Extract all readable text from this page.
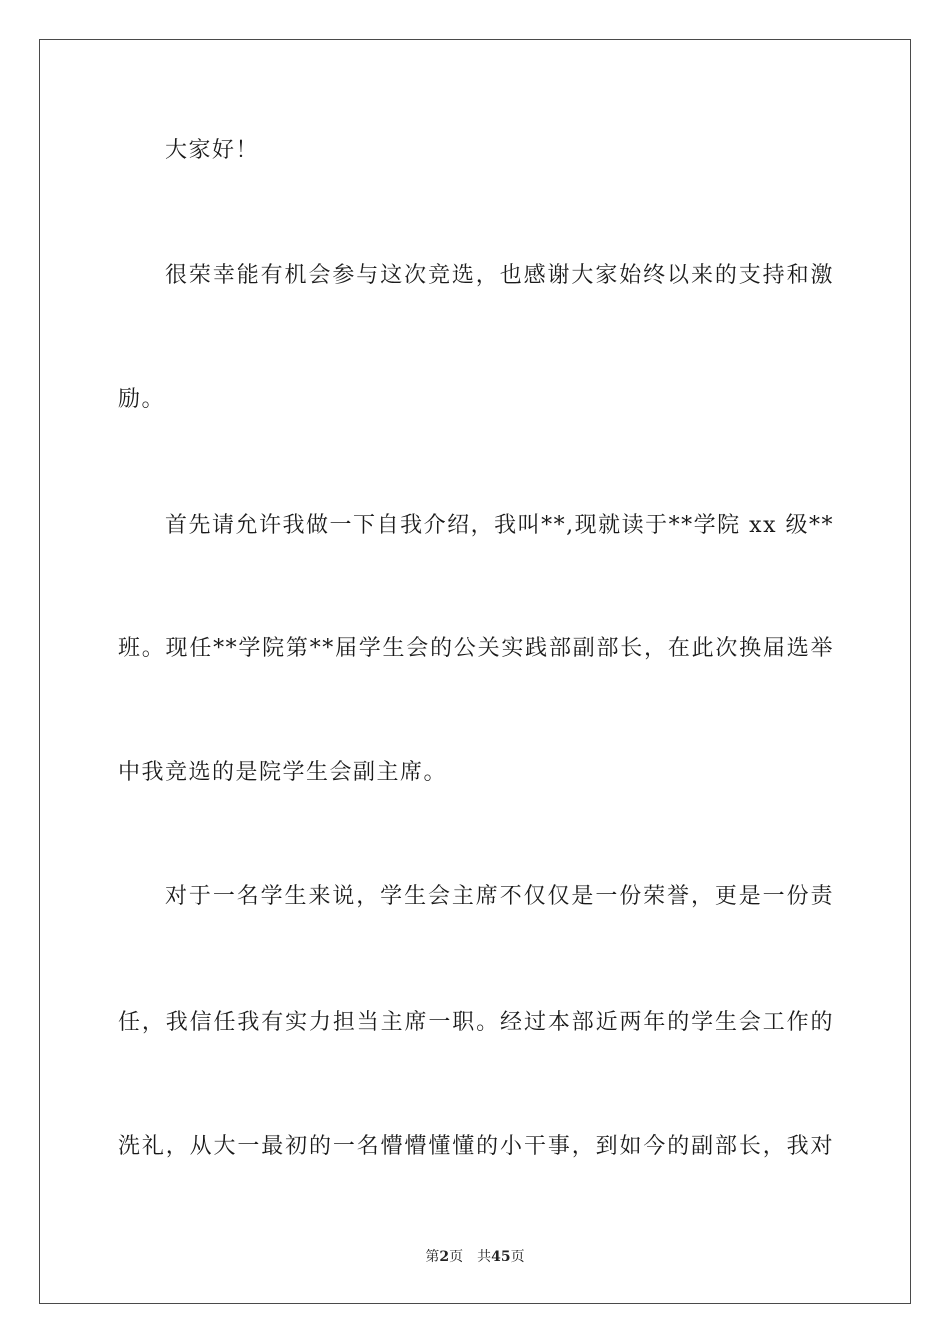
大家好！
很荣幸能有机会参与这次竞选，也感谢大家始终以来的支持和激
励。
首先请允许我做一下自我介绍，我叫**,现就读于**学院 xx 级**
班。现任**学院第**届学生会的公关实践部副部长，在此次换届选举
中我竞选的是院学生会副主席。
对于一名学生来说，学生会主席不仅仅是一份荣誉，更是一份责
任，我信任我有实力担当主席一职。经过本部近两年的学生会工作的
洗礼，从大一最初的一名懵懵懂懂的小干事，到如今的副部长，我对
第2页 共45页
